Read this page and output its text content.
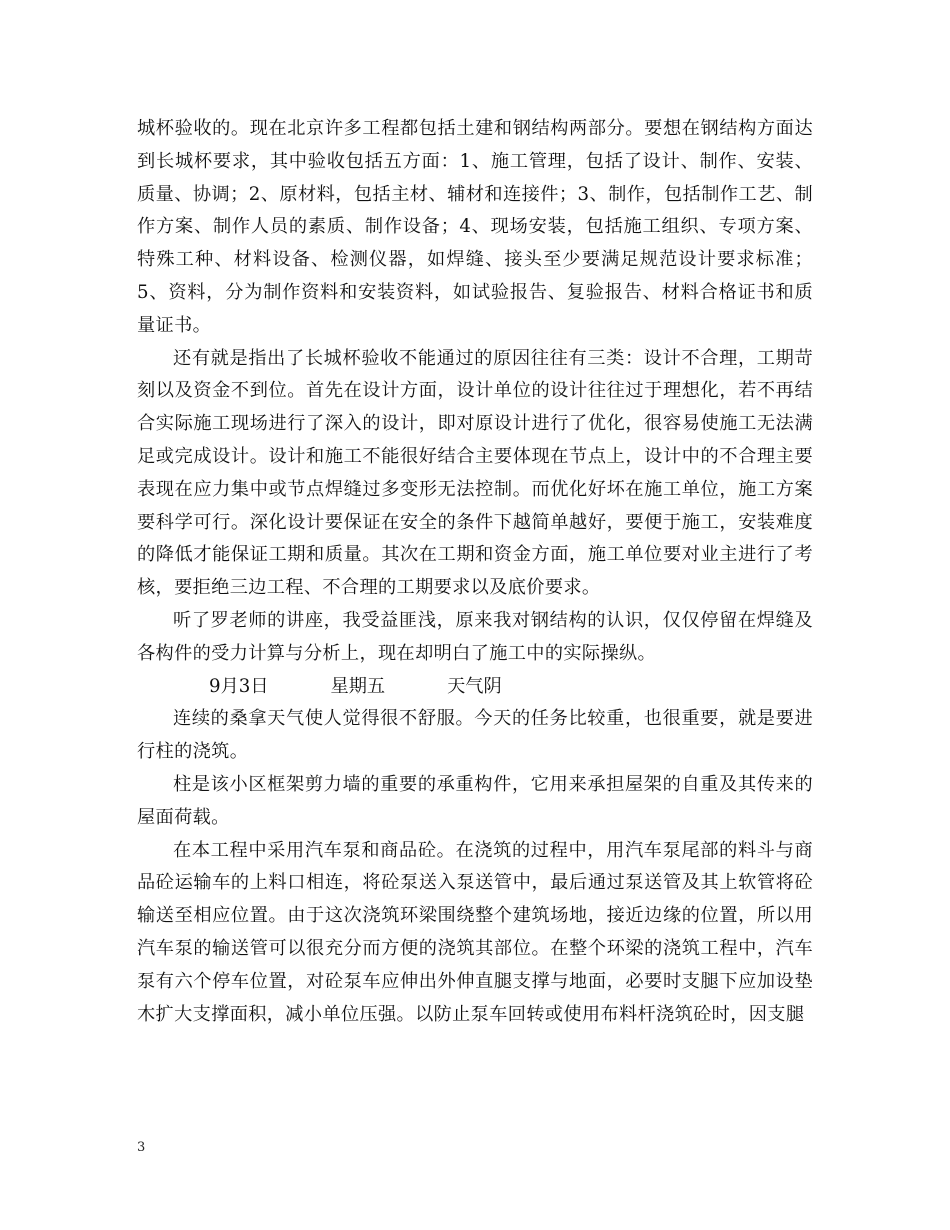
城杯验收的。现在北京许多工程都包括土建和钢结构两部分。要想在钢结构方面达到长城杯要求，其中验收包括五方面：1、施工管理，包括了设计、制作、安装、质量、协调；2、原材料，包括主材、辅材和连接件；3、制作，包括制作工艺、制作方案、制作人员的素质、制作设备；4、现场安装，包括施工组织、专项方案、特殊工种、材料设备、检测仪器，如焊缝、接头至少要满足规范设计要求标准；5、资料，分为制作资料和安装资料，如试验报告、复验报告、材料合格证书和质量证书。

还有就是指出了长城杯验收不能通过的原因往往有三类：设计不合理，工期苛刻以及资金不到位。首先在设计方面，设计单位的设计往往过于理想化，若不再结合实际施工现场进行了深入的设计，即对原设计进行了优化，很容易使施工无法满足或完成设计。设计和施工不能很好结合主要体现在节点上，设计中的不合理主要表现在应力集中或节点焊缝过多变形无法控制。而优化好坏在施工单位，施工方案要科学可行。深化设计要保证在安全的条件下越简单越好，要便于施工，安装难度的降低才能保证工期和质量。其次在工期和资金方面，施工单位要对业主进行了考核，要拒绝三边工程、不合理的工期要求以及底价要求。

听了罗老师的讲座，我受益匪浅，原来我对钢结构的认识，仅仅停留在焊缝及各构件的受力计算与分析上，现在却明白了施工中的实际操纵。

9月3日	星期五	天气阴

连续的桑拿天气使人觉得很不舒服。今天的任务比较重，也很重要，就是要进行柱的浇筑。

柱是该小区框架剪力墙的重要的承重构件，它用来承担屋架的自重及其传来的屋面荷载。

在本工程中采用汽车泵和商品砼。在浇筑的过程中，用汽车泵尾部的料斗与商品砼运输车的上料口相连，将砼泵送入泵送管中，最后通过泵送管及其上软管将砼输送至相应位置。由于这次浇筑环梁围绕整个建筑场地，接近边缘的位置，所以用汽车泵的输送管可以很充分而方便的浇筑其部位。在整个环梁的浇筑工程中，汽车泵有六个停车位置，对砼泵车应伸出外伸直腿支撑与地面，必要时支腿下应加设垫木扩大支撑面积，减小单位压强。以防止泵车回转或使用布料杆浇筑砼时，因支腿

3
